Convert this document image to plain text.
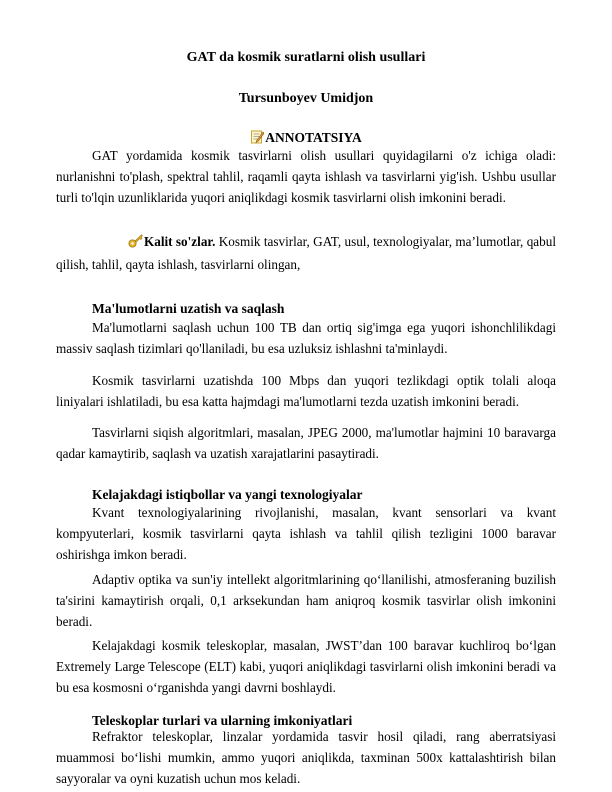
GAT da kosmik suratlarni olish usullari
Tursunboyev Umidjon
ANNOTATSIYA

GAT yordamida kosmik tasvirlarni olish usullari quyidagilarni o'z ichiga oladi: nurlanishni to'plash, spektral tahlil, raqamli qayta ishlash va tasvirlarni yig'ish. Ushbu usullar turli to'lqin uzunliklarida yuqori aniqlikdagi kosmik tasvirlarni olish imkonini beradi.

Kalit so'zlar. Kosmik tasvirlar, GAT, usul, texnologiyalar, ma’lumotlar, qabul qilish, tahlil, qayta ishlash, tasvirlarni olingan,

Ma'lumotlarni uzatish va saqlash

Ma'lumotlarni saqlash uchun 100 TB dan ortiq sig'imga ega yuqori ishonchlilikdagi massiv saqlash tizimlari qo'llaniladi, bu esa uzluksiz ishlashni ta'minlaydi.

Kosmik tasvirlarni uzatishda 100 Mbps dan yuqori tezlikdagi optik tolali aloqa liniyalari ishlatiladi, bu esa katta hajmdagi ma'lumotlarni tezda uzatish imkonini beradi.

Tasvirlarni siqish algoritmlari, masalan, JPEG 2000, ma'lumotlar hajmini 10 baravarga qadar kamaytirib, saqlash va uzatish xarajatlarini pasaytiradi.

Kelajakdagi istiqbollar va yangi texnologiyalar

Kvant texnologiyalarining rivojlanishi, masalan, kvant sensorlari va kvant kompyuterlari, kosmik tasvirlarni qayta ishlash va tahlil qilish tezligini 1000 baravar oshirishga imkon beradi.

Adaptiv optika va sun'iy intellekt algoritmlarining qo‘llanilishi, atmosferaning buzilish ta'sirini kamaytirish orqali, 0,1 arksekundan ham aniqroq kosmik tasvirlar olish imkonini beradi.

Kelajakdagi kosmik teleskoplar, masalan, JWST’dan 100 baravar kuchliroq bo‘lgan Extremely Large Telescope (ELT) kabi, yuqori aniqlikdagi tasvirlarni olish imkonini beradi va bu esa kosmosni o‘rganishda yangi davrni boshlaydi.

Teleskoplar turlari va ularning imkoniyatlari

Refraktor teleskoplar, linzalar yordamida tasvir hosil qiladi, rang aberratsiyasi muammosi bo‘lishi mumkin, ammo yuqori aniqlikda, taxminan 500x kattalashtirish bilan sayyoralar va oyni kuzatish uchun mos keladi.
